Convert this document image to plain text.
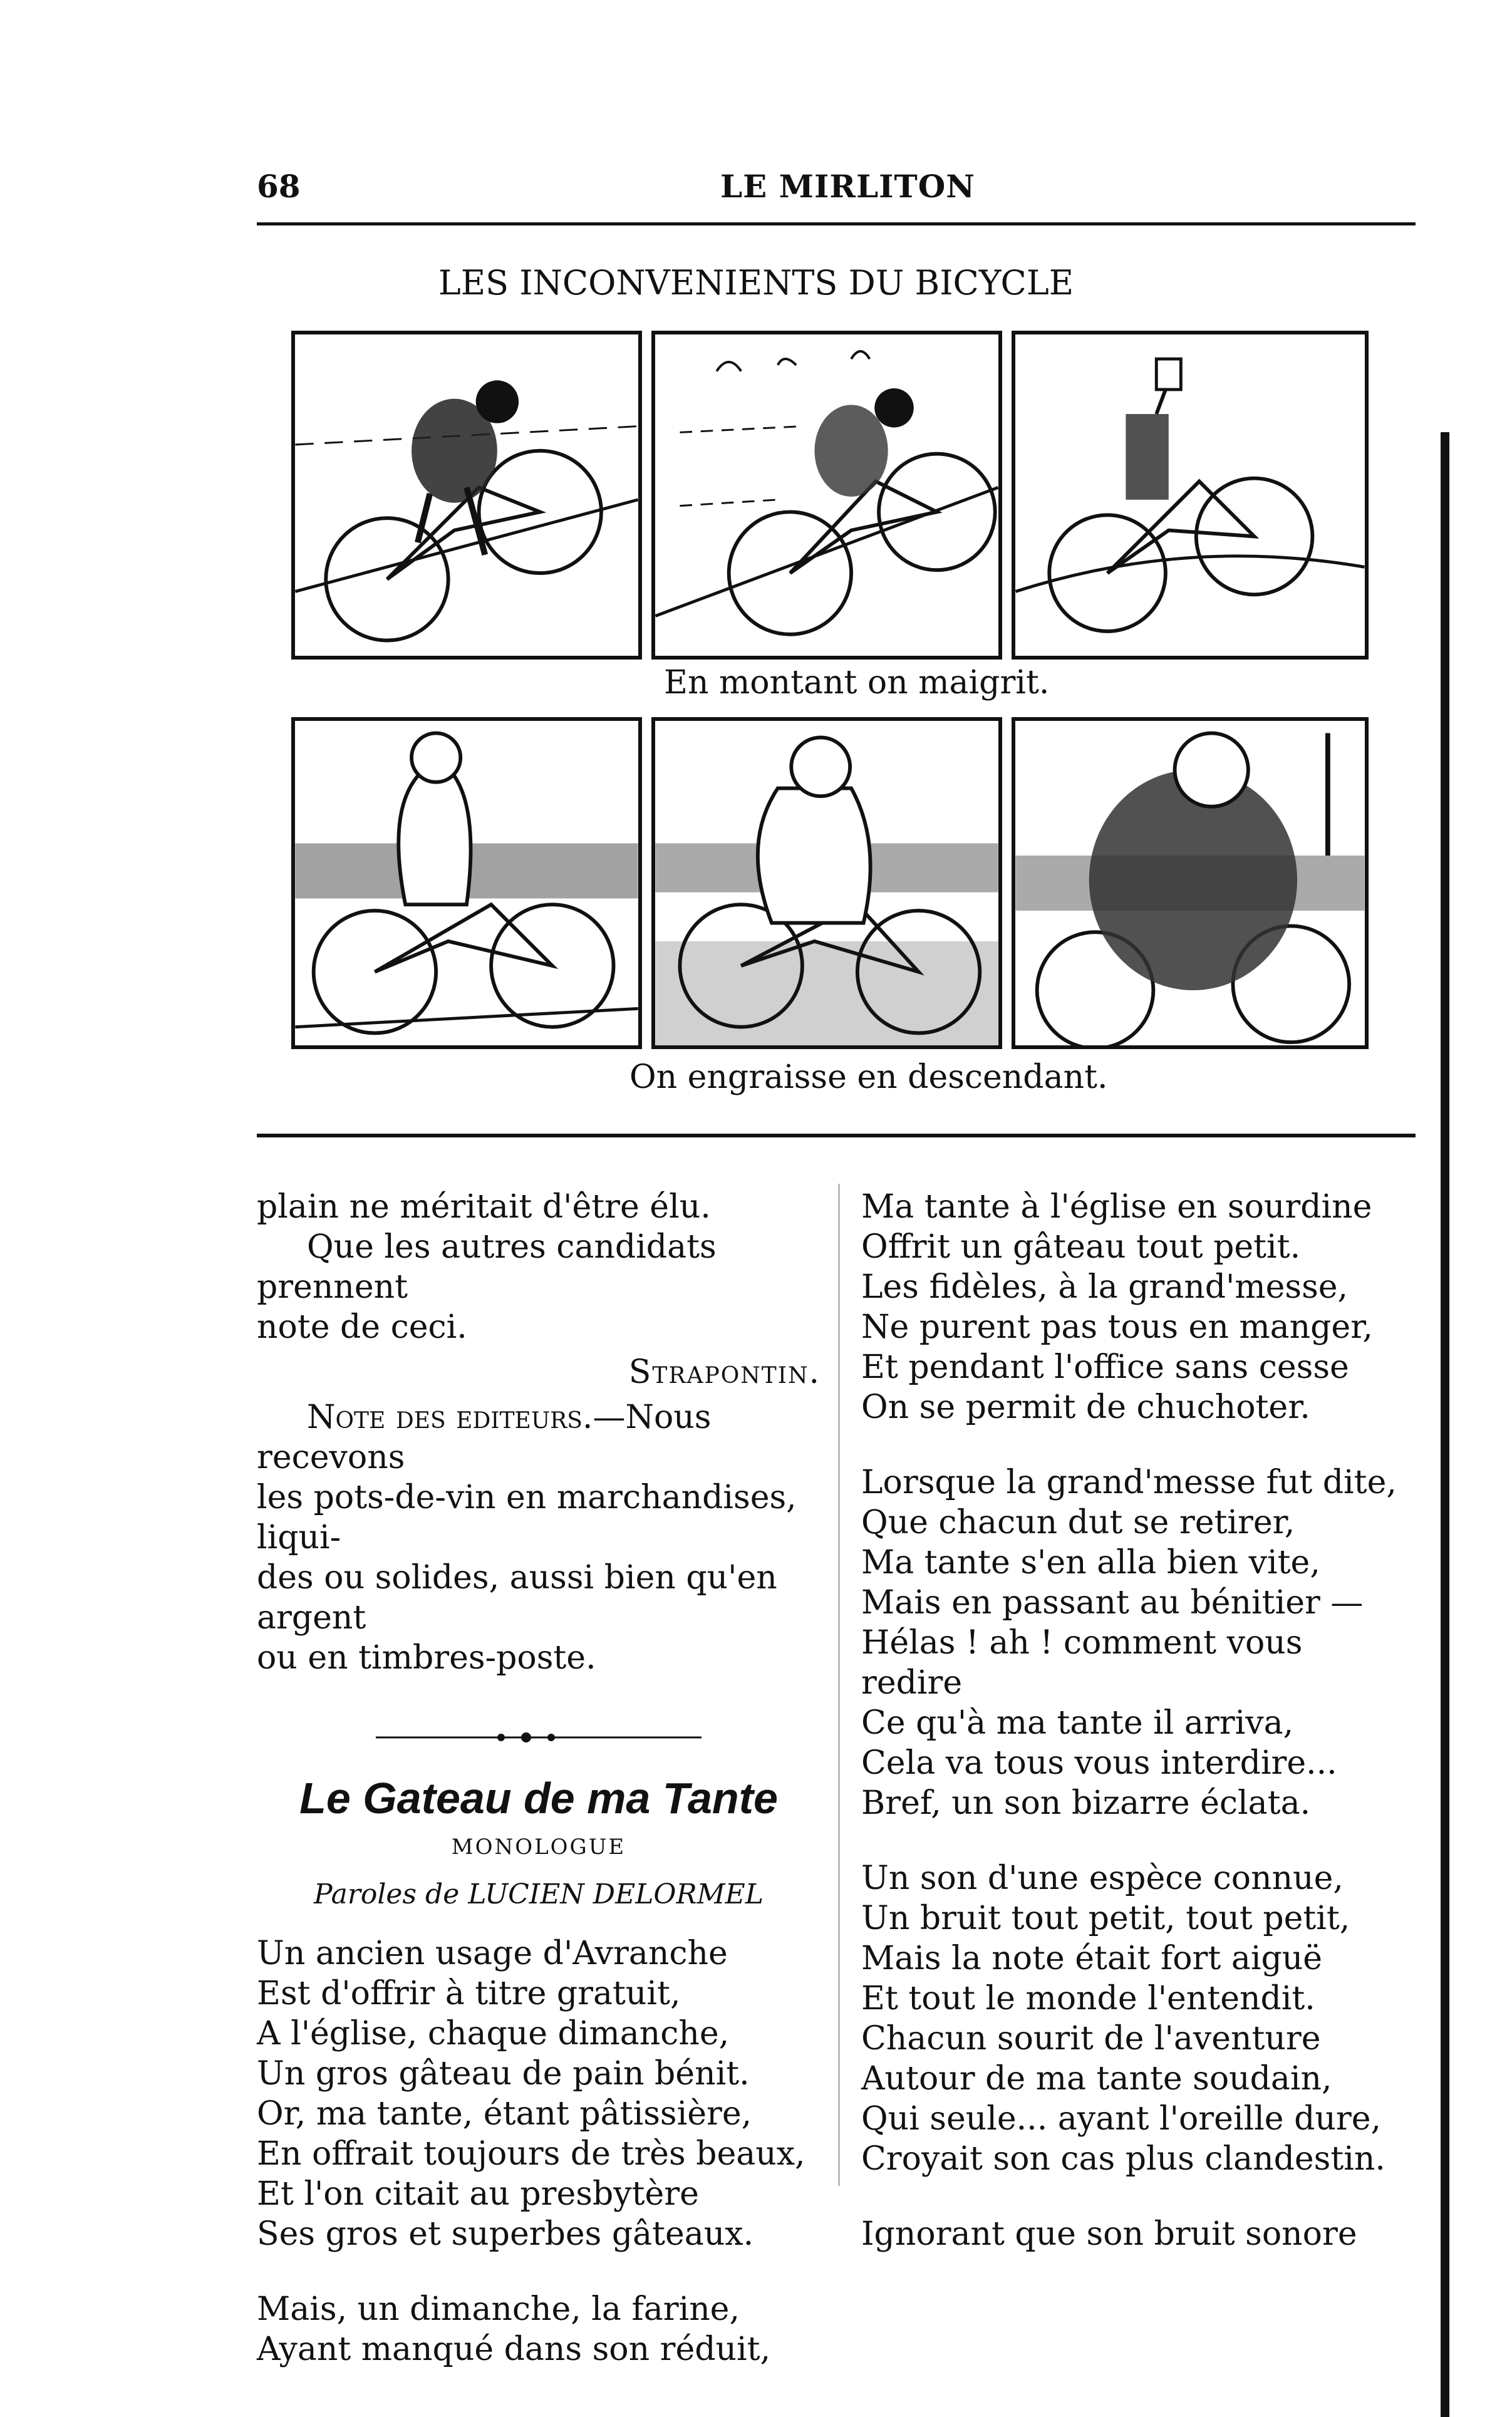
68	LE MIRLITON
LES INCONVENIENTS DU BICYCLE
En montant on maigrit.
On engraisse en descendant.

plain ne méritait d'être élu.

Que les autres candidats prennent

note de ceci.

Strapontin.

Note des editeurs.—Nous recevons

les pots-de-vin en marchandises, liqui-

des ou solides, aussi bien qu'en argent

ou en timbres-poste.

Le Gateau de ma Tante

MONOLOGUE

Paroles de LUCIEN DELORMEL

Un ancien usage d'Avranche

Est d'offrir à titre gratuit,

A l'église, chaque dimanche,

Un gros gâteau de pain bénit.

Or, ma tante, étant pâtissière,

En offrait toujours de très beaux,

Et l'on citait au presbytère

Ses gros et superbes gâteaux.

Mais, un dimanche, la farine,

Ayant manqué dans son réduit,

Ma tante à l'église en sourdine

Offrit un gâteau tout petit.

Les fidèles, à la grand'messe,

Ne purent pas tous en manger,

Et pendant l'office sans cesse

On se permit de chuchoter.

Lorsque la grand'messe fut dite,

Que chacun dut se retirer,

Ma tante s'en alla bien vite,

Mais en passant au bénitier —

Hélas ! ah ! comment vous redire

Ce qu'à ma tante il arriva,

Cela va tous vous interdire...

Bref, un son bizarre éclata.

Un son d'une espèce connue,

Un bruit tout petit, tout petit,

Mais la note était fort aiguë

Et tout le monde l'entendit.

Chacun sourit de l'aventure

Autour de ma tante soudain,

Qui seule... ayant l'oreille dure,

Croyait son cas plus clandestin.

Ignorant que son bruit sonore
